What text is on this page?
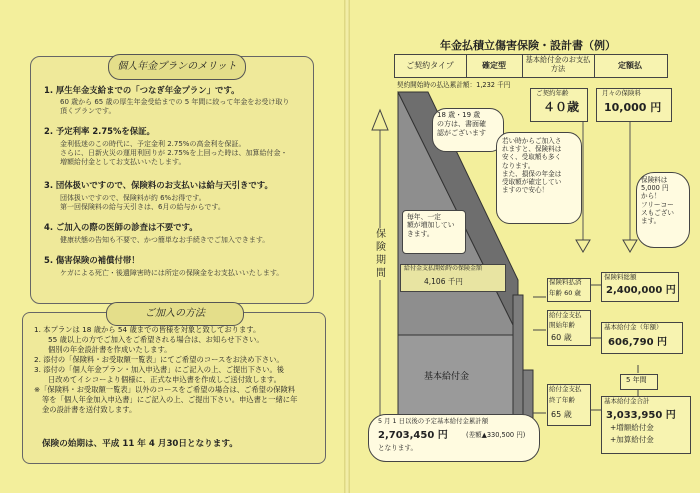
個人年金プランのメリット
1. 厚生年金支給までの「つなぎ年金プラン」です。
60 歳から 65 歳の厚生年金受給までの 5 年間に絞って年金をお受け取り
頂くプランです。
2. 予定利率 2.75%を保証。
金利低迷のこの時代に、予定金利 2.75%の高金利を保証。
さらに、日新火災の運用利回りが 2.75%を上回った時は、加算給付金・
増額給付金としてお支払いいたします。
3. 団体扱いですので、保険料のお支払いは給与天引きです。
団体扱いですので、保険料が約 6%お得です。
第一回保険料の給与天引きは、6月の給与からです。
4. ご加入の際の医師の診査は不要です。
健康状態の告知も不要で、かつ簡単なお手続きでご加入できます。
5. 傷害保険の補償付帯！
ケガによる死亡・後遺障害時には所定の保険金をお支払いいたします。
ご加入の方法
1. 本プランは 18 歳から 54 歳までの皆様を対象と致しております。
55 歳以上の方でご加入をご希望される場合は、お知らせ下さい。
個別の年金設計書を作成いたします。
2. 添付の「保険料・お受取額一覧表」にてご希望のコースをお決め下さい。
3. 添付の「個人年金プラン・加入申込書」にご記入の上、ご提出下さい。後
日改めてイシコーより個様に、正式な申込書を作成しご送付致します。
※「保険料・お受取額一覧表」以外のコースをご希望の場合は、ご希望の保険料
等を「個人年金加入申込書」にご記入の上、ご提出下さい。申込書と一緒に年
金の設計書を送付致します。
保険の始期は、平成 11 年 4 月30日となります。
年金払積立傷害保険・設計書（例）
ご契約タイプ	確定型
基本給付金のお支払方法	定額払
契約開始時の払込累計額：1,232 千円
保険期間
ご契約年齢
４０歳
月々の保険料
10,000 円
18 歳・19 歳
の方は、書面確
認がございます
若い時からご加入さ
れますと、保険料は
安く、受取額も多く
なります。
また、損保の年金は
受取額が確定してい
ますので安心！
保険料は
5,000 円
から！
フリーコー
スもござい
ます。
毎年、一定
額が増加してい
きます。
給付金支払開始時の保険金額
4,106 千円
基本給付金
保険料払済
年齢 60 歳
保険料総額
2,400,000 円
給付金支払
開始年齢
60 歳
基本給付金（年額）
606,790 円
5 年間
給付金支払
終了年齢
65 歳
基本給付金合計
3,033,950 円
+増額給付金
+加算給付金
5 月 1 日以後の予定基本給付金累計額
2,703,450 円	(差額▲330,500 円)
となります。
